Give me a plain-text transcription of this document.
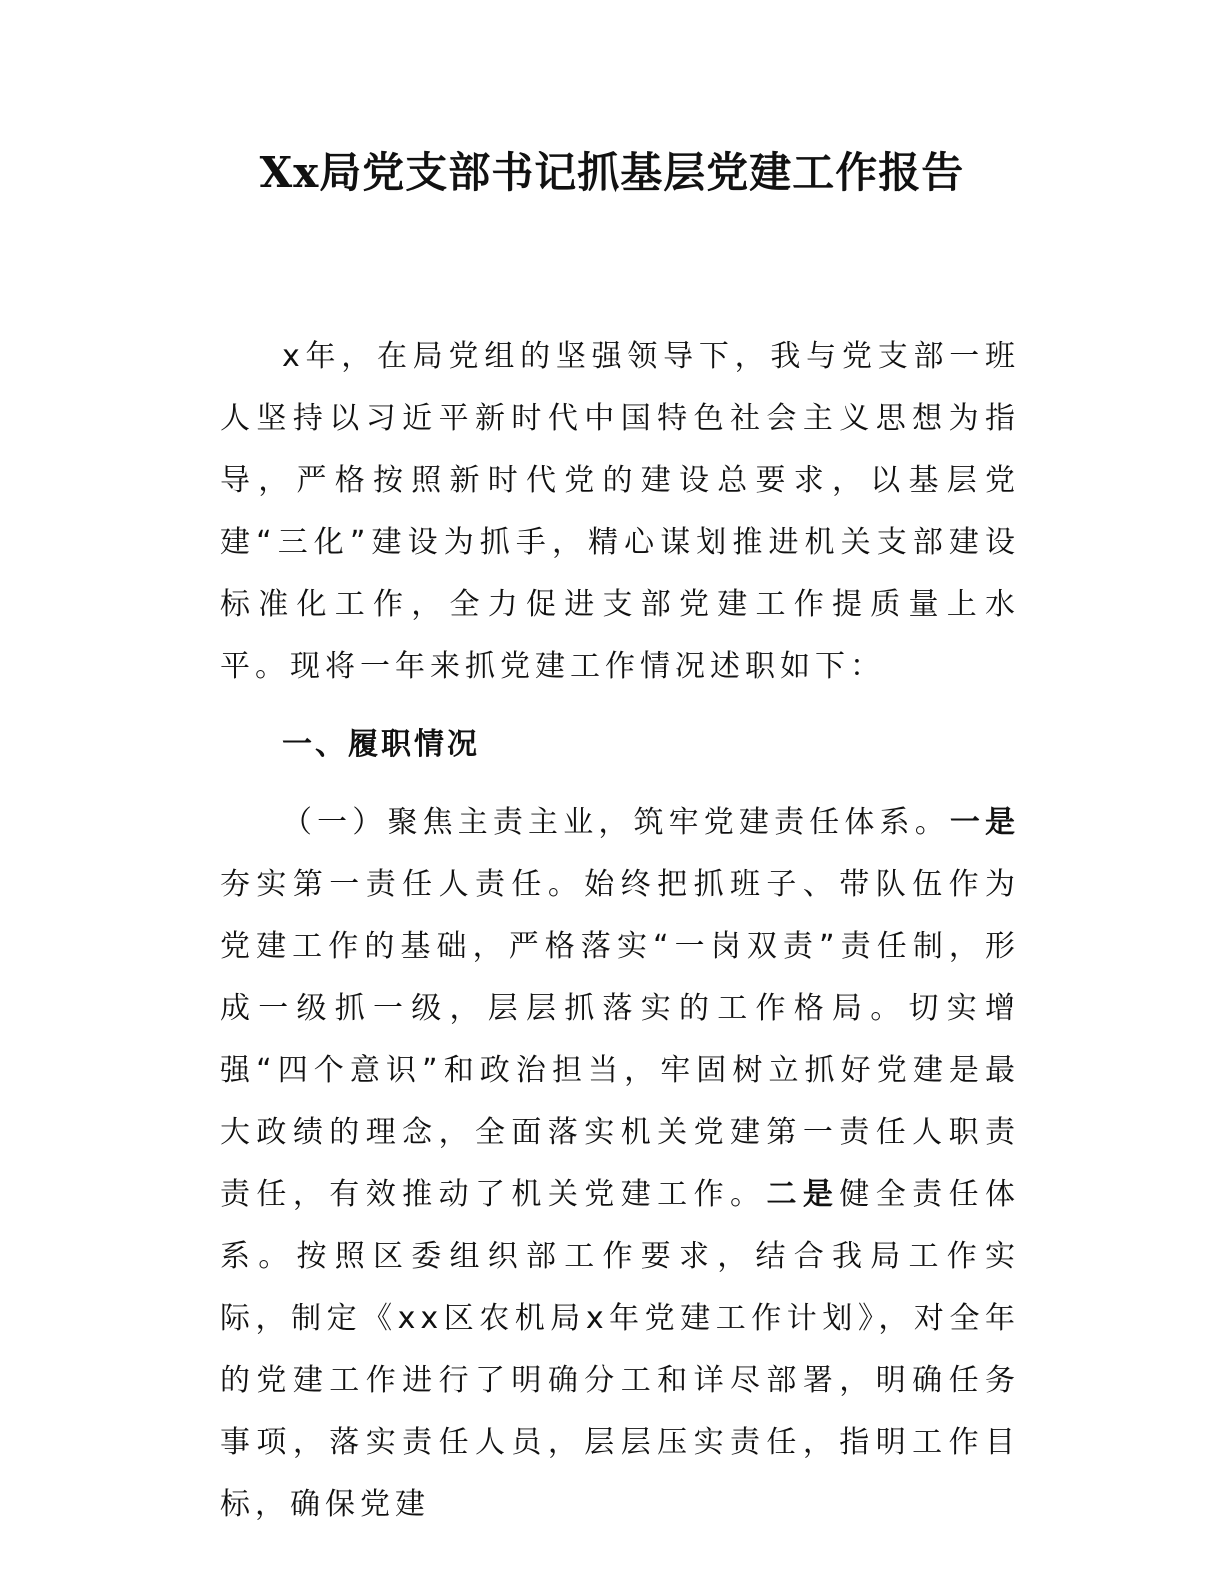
Xx局党支部书记抓基层党建工作报告

x年，在局党组的坚强领导下，我与党支部一班人坚持以习近平新时代中国特色社会主义思想为指导，严格按照新时代党的建设总要求，以基层党建“三化”建设为抓手，精心谋划推进机关支部建设标准化工作，全力促进支部党建工作提质量上水平。现将一年来抓党建工作情况述职如下：

一、履职情况

（一）聚焦主责主业，筑牢党建责任体系。一是夯实第一责任人责任。始终把抓班子、带队伍作为党建工作的基础，严格落实“一岗双责”责任制，形成一级抓一级，层层抓落实的工作格局。切实增强“四个意识”和政治担当，牢固树立抓好党建是最大政绩的理念，全面落实机关党建第一责任人职责责任，有效推动了机关党建工作。二是健全责任体系。按照区委组织部工作要求，结合我局工作实际，制定《xx区农机局x年党建工作计划》，对全年的党建工作进行了明确分工和详尽部署，明确任务事项，落实责任人员，层层压实责任，指明工作目标，确保党建
